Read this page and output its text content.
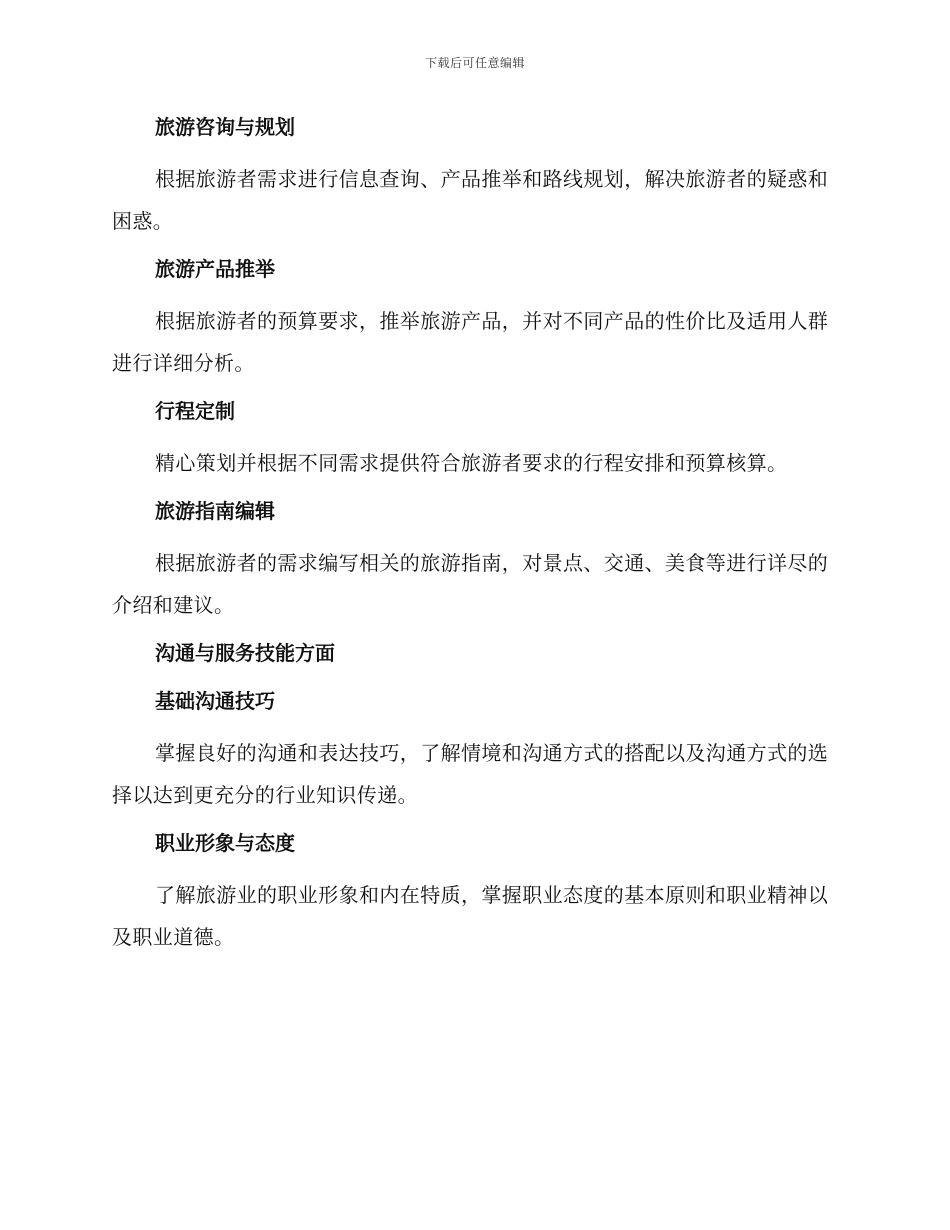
下载后可任意编辑
旅游咨询与规划
根据旅游者需求进行信息查询、产品推举和路线规划，解决旅游者的疑惑和困惑。
旅游产品推举
根据旅游者的预算要求，推举旅游产品，并对不同产品的性价比及适用人群进行详细分析。
行程定制
精心策划并根据不同需求提供符合旅游者要求的行程安排和预算核算。
旅游指南编辑
根据旅游者的需求编写相关的旅游指南，对景点、交通、美食等进行详尽的介绍和建议。
沟通与服务技能方面
基础沟通技巧
掌握良好的沟通和表达技巧，了解情境和沟通方式的搭配以及沟通方式的选择以达到更充分的行业知识传递。
职业形象与态度
了解旅游业的职业形象和内在特质，掌握职业态度的基本原则和职业精神以及职业道德。
